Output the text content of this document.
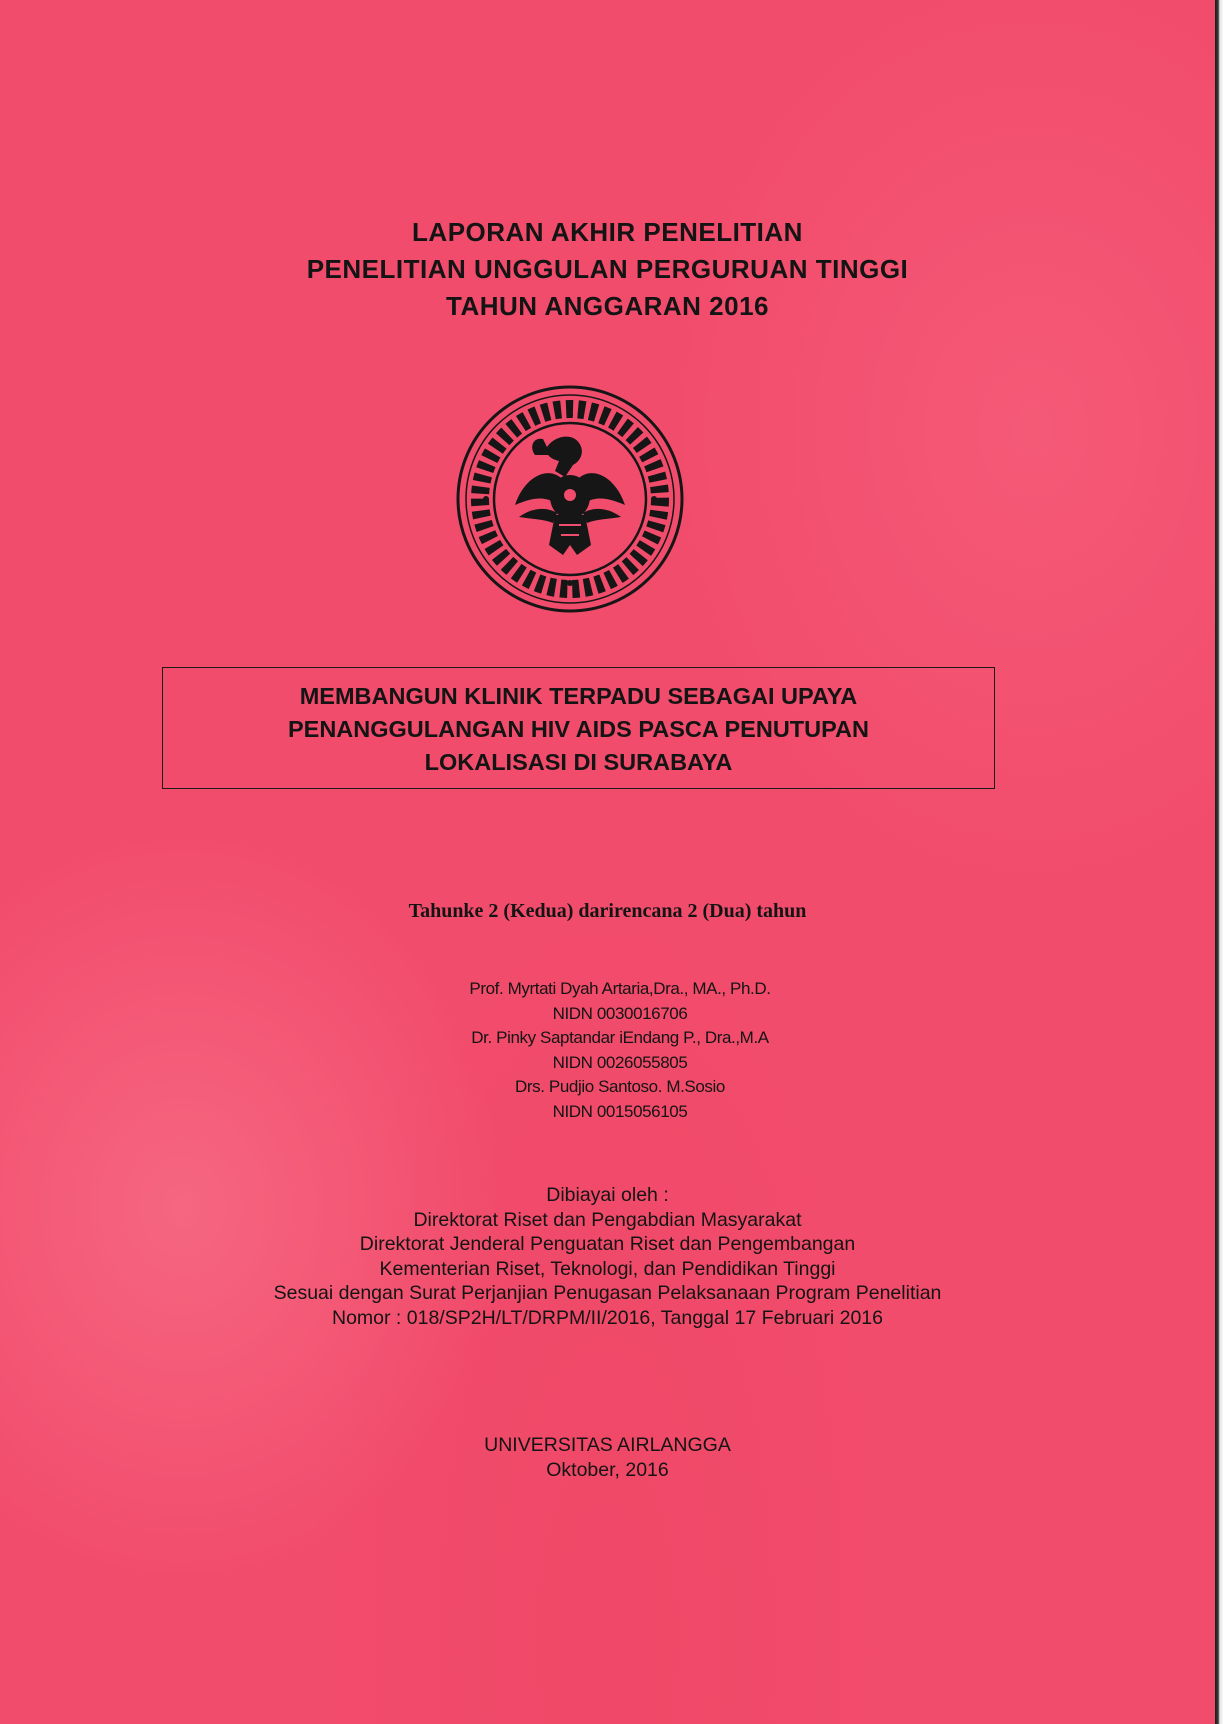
LAPORAN AKHIR PENELITIAN
PENELITIAN UNGGULAN PERGURUAN TINGGI
TAHUN ANGGARAN 2016
MEMBANGUN KLINIK TERPADU SEBAGAI UPAYA
PENANGGULANGAN HIV AIDS PASCA PENUTUPAN
LOKALISASI DI SURABAYA
Tahunke 2 (Kedua) darirencana 2 (Dua) tahun
Prof. Myrtati Dyah Artaria,Dra., MA., Ph.D.
NIDN 0030016706
Dr. Pinky Saptandar iEndang P., Dra.,M.A
NIDN 0026055805
Drs. Pudjio Santoso. M.Sosio
NIDN 0015056105
Dibiayai oleh :
Direktorat Riset dan Pengabdian Masyarakat
Direktorat Jenderal Penguatan Riset dan Pengembangan
Kementerian Riset, Teknologi, dan Pendidikan Tinggi
Sesuai dengan Surat Perjanjian Penugasan Pelaksanaan Program Penelitian
Nomor : 018/SP2H/LT/DRPM/II/2016, Tanggal 17 Februari 2016
UNIVERSITAS AIRLANGGA
Oktober, 2016
